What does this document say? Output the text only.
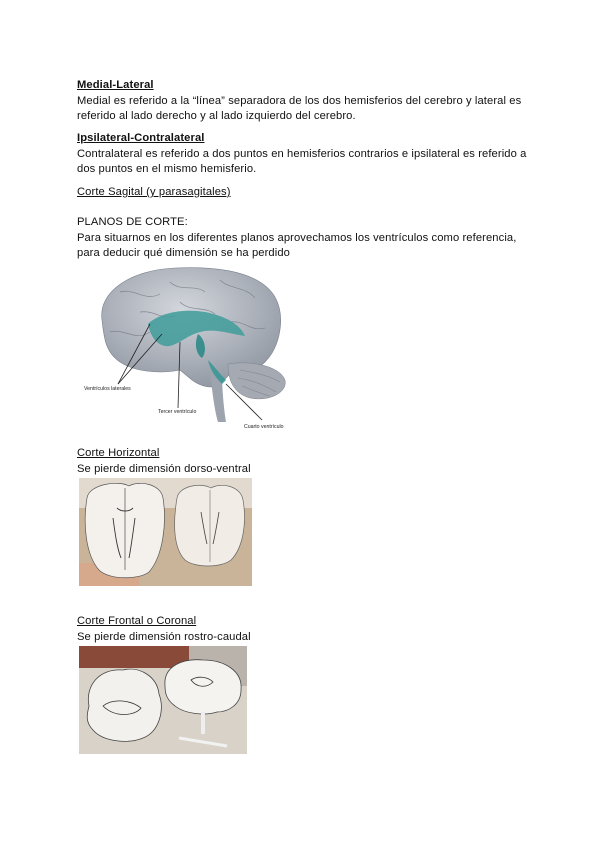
Medial-Lateral
Medial es referido a la “línea” separadora de los dos hemisferios del cerebro y lateral es referido al lado derecho y al lado izquierdo del cerebro.
Ipsilateral-Contralateral
Contralateral es referido a dos puntos en hemisferios contrarios e ipsilateral es referido a dos puntos en el mismo hemisferio.
Corte Sagital (y parasagitales)
PLANOS DE CORTE:
Para situarnos en los diferentes planos aprovechamos los ventrículos como referencia, para deducir qué dimensión se ha perdido
Ventrículos laterales
Tercer ventrículo
Cuarto ventrículo
Corte Horizontal
Se pierde dimensión dorso-ventral
Corte Frontal o Coronal
Se pierde dimensión rostro-caudal
